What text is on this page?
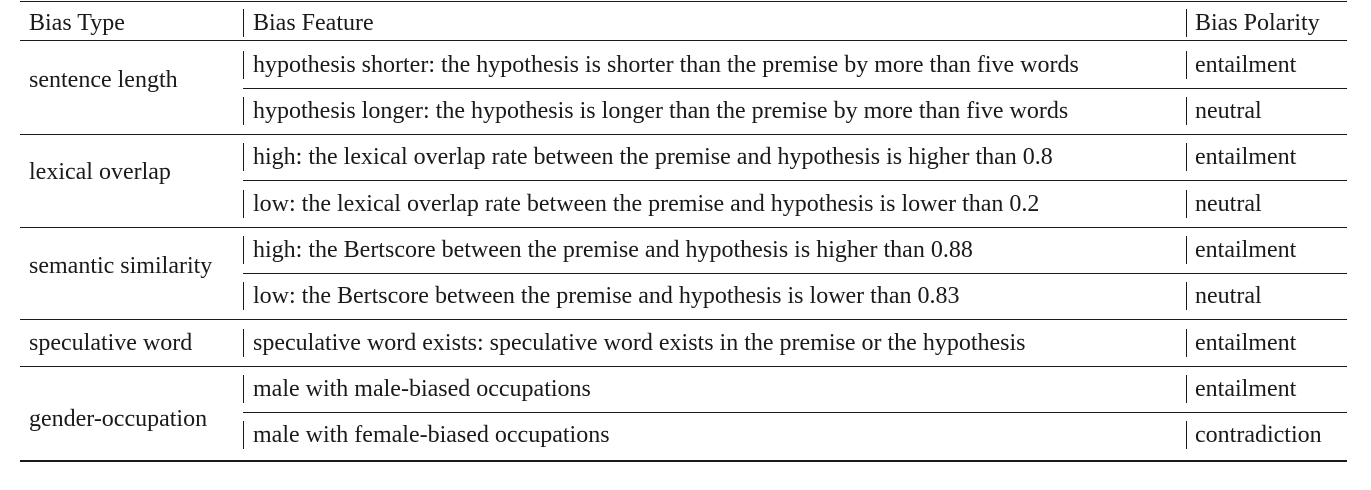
Bias Type	Bias Feature	Bias Polarity
sentence length
hypothesis shorter: the hypothesis is shorter than the premise by more than five words	entailment
hypothesis longer: the hypothesis is longer than the premise by more than five words	neutral
lexical overlap
high: the lexical overlap rate between the premise and hypothesis is higher than 0.8	entailment
low: the lexical overlap rate between the premise and hypothesis is lower than 0.2	neutral
semantic similarity
high: the Bertscore between the premise and hypothesis is higher than 0.88	entailment
low: the Bertscore between the premise and hypothesis is lower than 0.83	neutral
speculative word	speculative word exists: speculative word exists in the premise or the hypothesis	entailment
gender-occupation
male with male-biased occupations	entailment
male with female-biased occupations	contradiction
